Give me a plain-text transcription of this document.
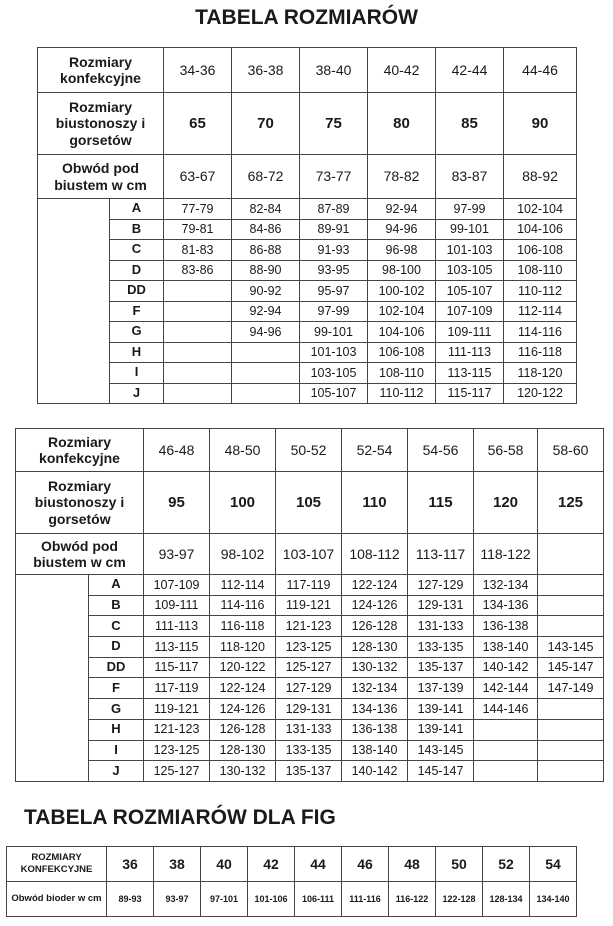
TABELA ROZMIARÓW
Rozmiary konfekcyjne		34-36	36-38	38-40	40-42	42-44	44-46
Rozmiary biustonoszy i gorsetów		65	70	75	80	85	90
Obwód pod biustem w cm		63-67	68-72	73-77	78-82	83-87	88-92
	A	77-79	82-84	87-89	92-94	97-99	102-104
	B	79-81	84-86	89-91	94-96	99-101	104-106
	C	81-83	86-88	91-93	96-98	101-103	106-108
	D	83-86	88-90	93-95	98-100	103-105	108-110
	DD		90-92	95-97	100-102	105-107	110-112
	F		92-94	97-99	102-104	107-109	112-114
	G		94-96	99-101	104-106	109-111	114-116
	H			101-103	106-108	111-113	116-118
	I			103-105	108-110	113-115	118-120
	J			105-107	110-112	115-117	120-122
Rozmiary konfekcyjne		46-48	48-50	50-52	52-54	54-56	56-58	58-60
Rozmiary biustonoszy i gorsetów		95	100	105	110	115	120	125
Obwód pod biustem w cm		93-97	98-102	103-107	108-112	113-117	118-122	
	A	107-109	112-114	117-119	122-124	127-129	132-134	
	B	109-111	114-116	119-121	124-126	129-131	134-136	
	C	111-113	116-118	121-123	126-128	131-133	136-138	
	D	113-115	118-120	123-125	128-130	133-135	138-140	143-145
	DD	115-117	120-122	125-127	130-132	135-137	140-142	145-147
	F	117-119	122-124	127-129	132-134	137-139	142-144	147-149
	G	119-121	124-126	129-131	134-136	139-141	144-146	
	H	121-123	126-128	131-133	136-138	139-141		
	I	123-125	128-130	133-135	138-140	143-145		
	J	125-127	130-132	135-137	140-142	145-147		
TABELA ROZMIARÓW DLA FIG
ROZMIARY KONFEKCYJNE	36	38	40	42	44	46	48	50	52	54
Obwód bioder w cm	89-93	93-97	97-101	101-106	106-111	111-116	116-122	122-128	128-134	134-140
